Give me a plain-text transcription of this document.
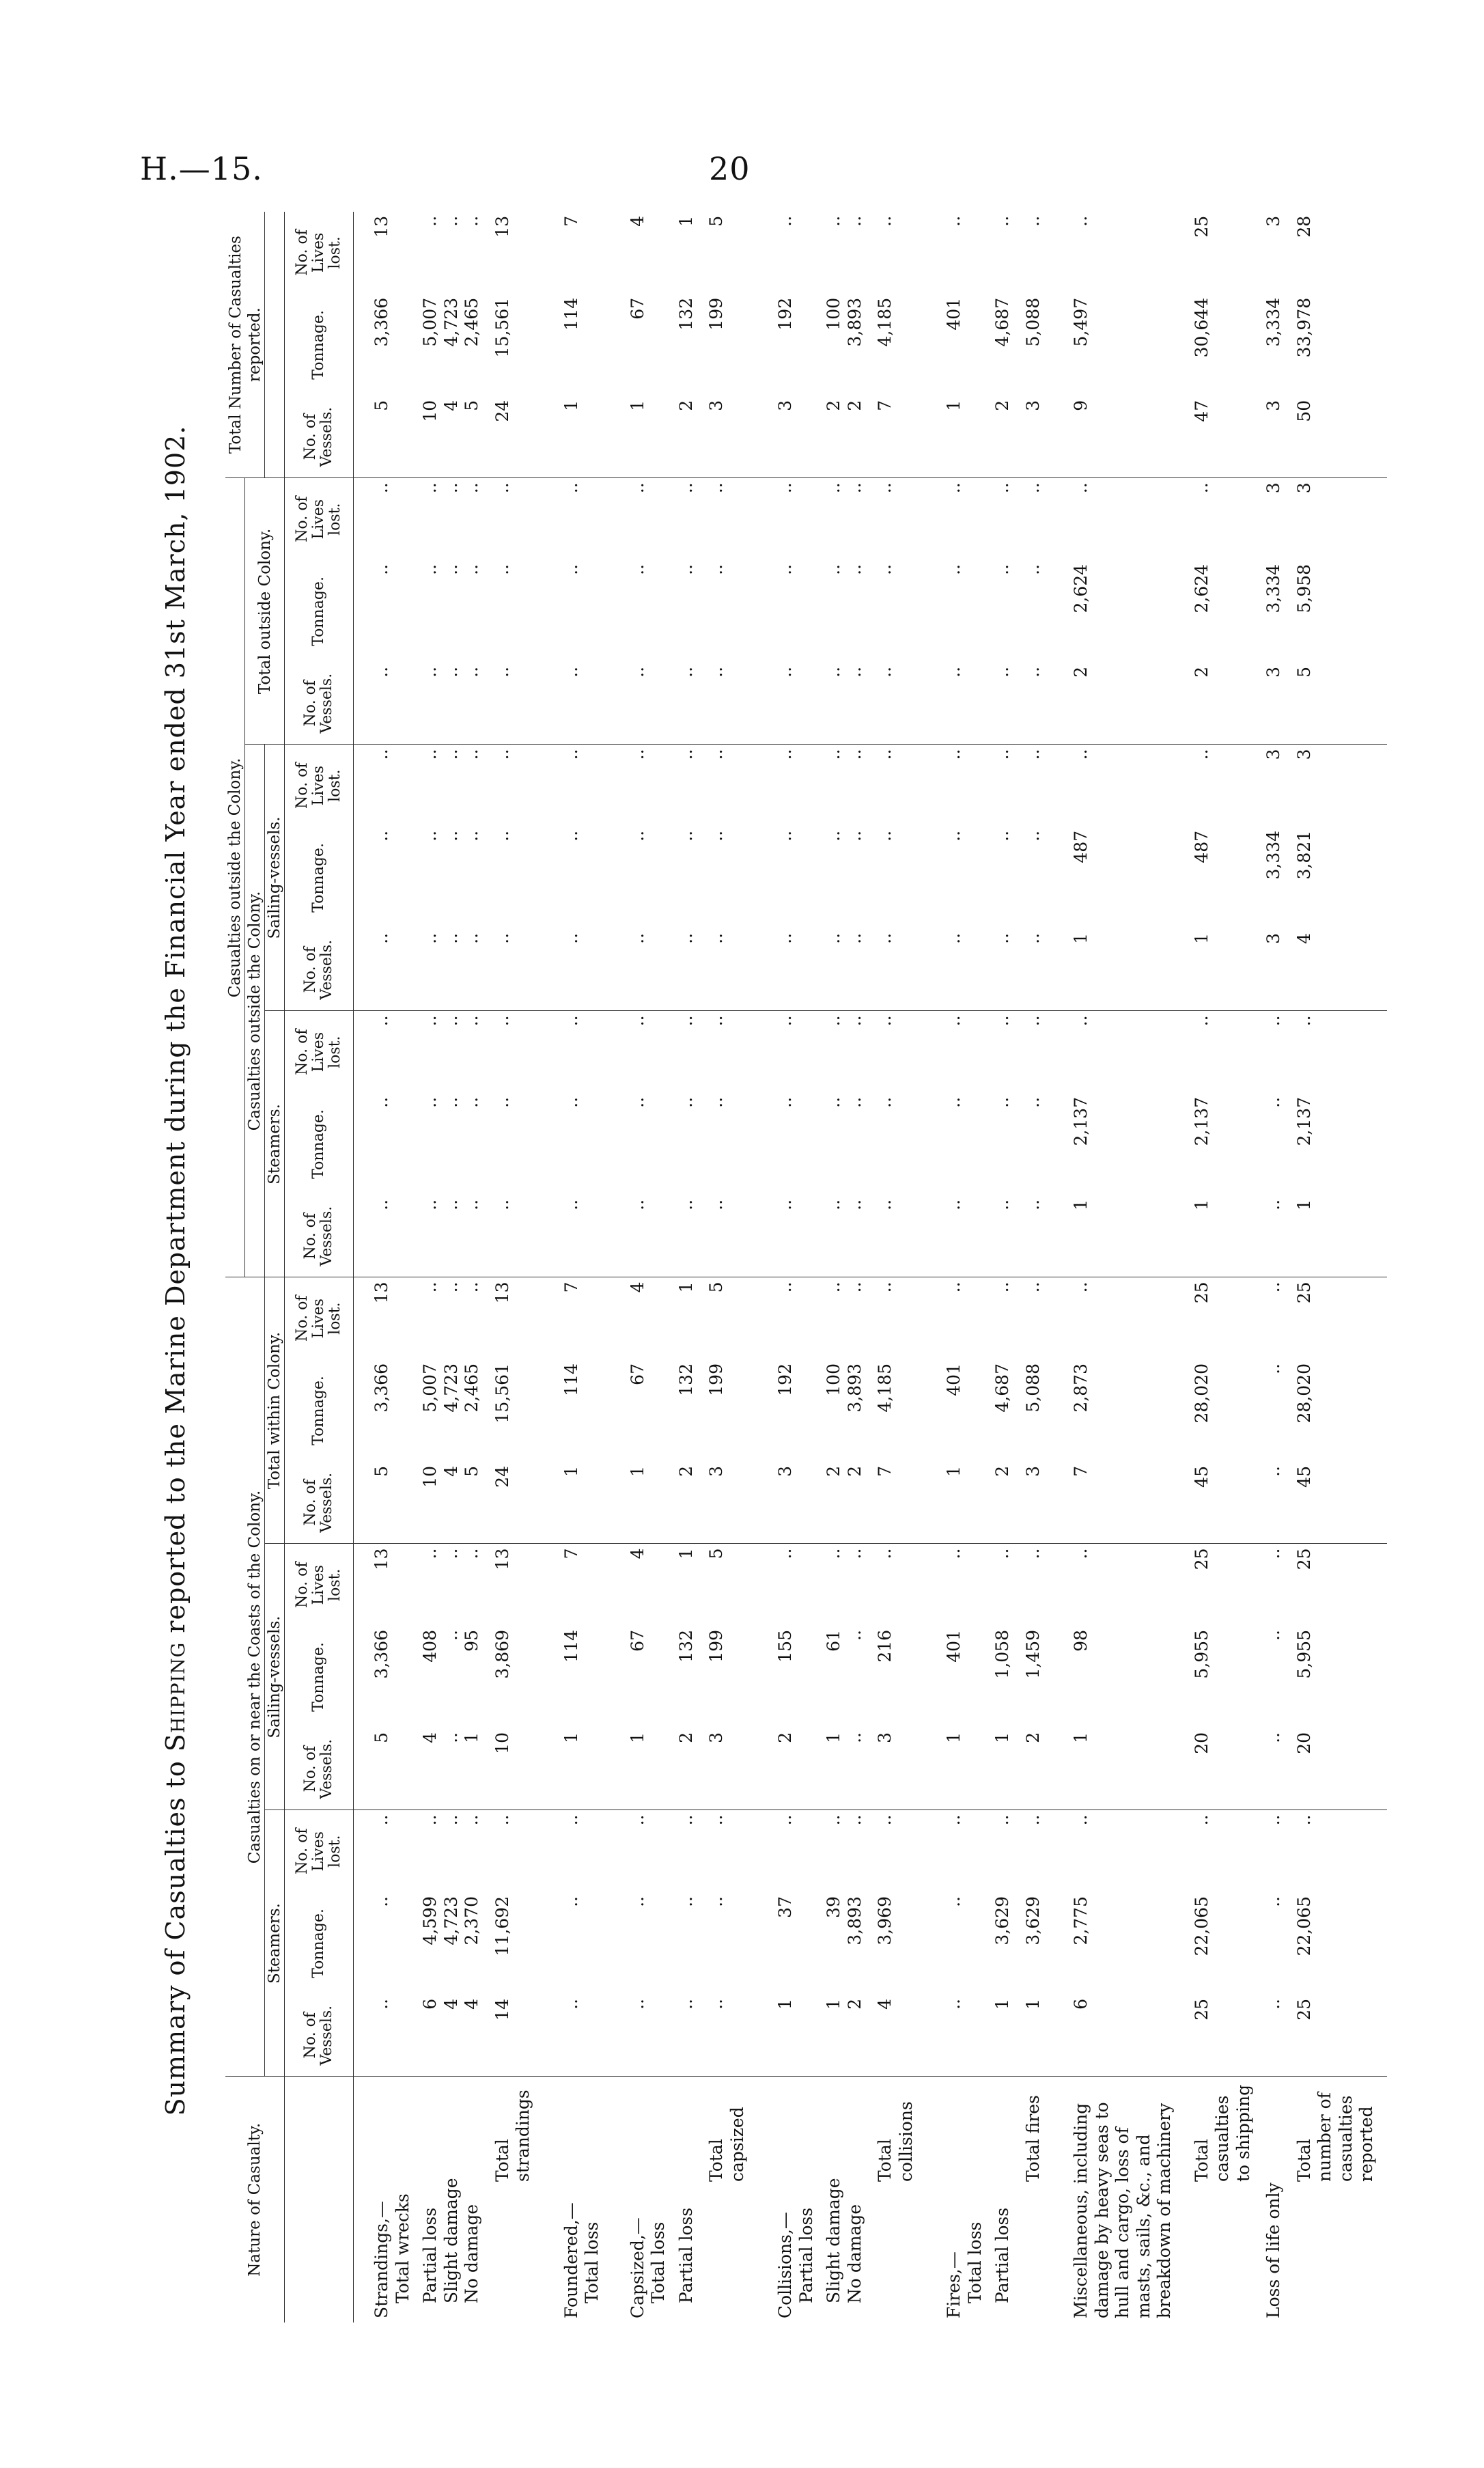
H.—15.	20
Summary of Casualties to Shipping reported to the Marine Department during the Financial Year ended 31st March, 1902.
Nature of Casualty.										Casualties outside the Colony.									Total Number of Casualties reported.		
	Casualties on or near the Coasts of the Colony.									Casualties outside the Colony.						Total outside Colony.					
	Steamers.			Sailing-vessels.			Total within Colony.			Steamers.			Sailing-vessels.								
	No. of Vessels.	Tonnage.	No. of Lives lost.	No. of Vessels.	Tonnage.	No. of Lives lost.	No. of Vessels.	Tonnage.	No. of Lives lost.	No. of Vessels.	Tonnage.	No. of Lives lost.	No. of Vessels.	Tonnage.	No. of Lives lost.	No. of Vessels.	Tonnage.	No. of Lives lost.	No. of Vessels.	Tonnage.	No. of Lives lost.

Strandings,— Total wrecks	..	..	..	5	3,366	13	5	3,366	13	..	..	..	..	..	..	..	..	..	5	3,366	13

Partial loss	6	4,599	..	4	408	..	10	5,007	..	..	..	..	..	..	..	..	..	..	10	5,007	..

Slight damage	4	4,723	..	..	..	..	4	4,723	..	..	..	..	..	..	..	..	..	..	4	4,723	..

No damage	4	2,370	..	1	95	..	5	2,465	..	..	..	..	..	..	..	..	..	..	5	2,465	..

Total strandings	14	11,692	..	10	3,869	13	24	15,561	13	..	..	..	..	..	..	..	..	..	24	15,561	13

Foundered,— Total loss	..	..	..	1	114	7	1	114	7	..	..	..	..	..	..	..	..	..	1	114	7

Capsized,— Total loss	..	..	..	1	67	4	1	67	4	..	..	..	..	..	..	..	..	..	1	67	4

Partial loss	..	..	..	2	132	1	2	132	1	..	..	..	..	..	..	..	..	..	2	132	1

Total capsized	..	..	..	3	199	5	3	199	5	..	..	..	..	..	..	..	..	..	3	199	5

Collisions,— Partial loss	1	37	..	2	155	..	3	192	..	..	..	..	..	..	..	..	..	..	3	192	..

Slight damage	1	39	..	1	61	..	2	100	..	..	..	..	..	..	..	..	..	..	2	100	..

No damage	2	3,893	..	..	..	..	2	3,893	..	..	..	..	..	..	..	..	..	..	2	3,893	..

Total collisions	4	3,969	..	3	216	..	7	4,185	..	..	..	..	..	..	..	..	..	..	7	4,185	..

Fires,— Total loss	..	..	..	1	401	..	1	401	..	..	..	..	..	..	..	..	..	..	1	401	..

Partial loss	1	3,629	..	1	1,058	..	2	4,687	..	..	..	..	..	..	..	..	..	..	2	4,687	..

Total fires	1	3,629	..	2	1,459	..	3	5,088	..	..	..	..	..	..	..	..	..	..	3	5,088	..

Miscellaneous, including damage by heavy seas to hull and cargo, loss of masts, sails, &c., and breakdown of machinery	6	2,775	..	1	98	..	7	2,873	..	1	2,137	..	1	487	..	2	2,624	..	9	5,497	..

Total casualties to shipping	25	22,065	..	20	5,955	25	45	28,020	25	1	2,137	..	1	487	..	2	2,624	..	47	30,644	25

Loss of life only	..	..	..	..	..	..	..	..	..	..	..	..	3	3,334	3	3	3,334	3	3	3,334	3

Total number of casualties reported	25	22,065	..	20	5,955	25	45	28,020	25	1	2,137	..	4	3,821	3	5	5,958	3	50	33,978	28
